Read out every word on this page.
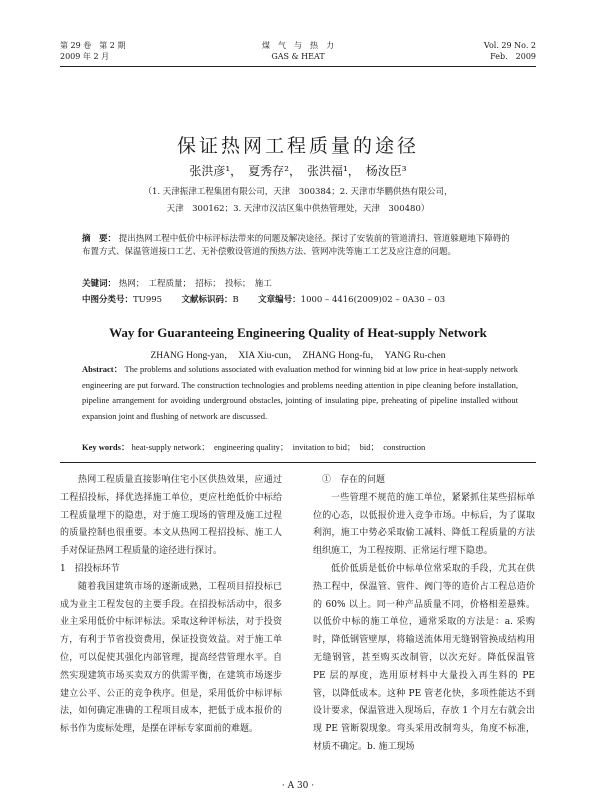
第 29 卷　第 2 期
2009 年 2 月
煤　气　与　热　力
GAS & HEAT
Vol. 29 No. 2
Feb.　2009
保证热网工程质量的途径
张洪彦¹，　夏秀存²，　张洪福¹，　杨汝臣³
（1. 天津振津工程集团有限公司，天津　300384；2. 天津市华鹏供热有限公司，
天津　300162；3. 天津市汉沽区集中供热管理处，天津　300480）
摘　要： 提出热网工程中低价中标评标法带来的问题及解决途径。探讨了安装前的管道清扫、管道躲避地下障碍的布置方式、保温管道接口工艺、无补偿敷设管道的预热方法、管网冲洗等施工工艺及应注意的问题。
关键词： 热网；　工程质量；　招标；　投标；　施工
中图分类号：TU995 文献标识码：B 文章编号：1000 – 4416(2009)02 – 0A30 – 03
Way for Guaranteeing Engineering Quality of Heat-supply Network
ZHANG Hong-yan，　XIA Xiu-cun，　ZHANG Hong-fu，　YANG Ru-chen
Abstract： The problems and solutions associated with evaluation method for winning bid at low price in heat-supply network engineering are put forward. The construction technologies and problems needing attention in pipe cleaning before installation, pipeline arrangement for avoiding underground obstacles, jointing of insulating pipe, preheating of pipeline installed without expansion joint and flushing of network are discussed.
Key words： heat-supply network；　engineering quality；　invitation to bid；　bid；　construction

热网工程质量直接影响住宅小区供热效果，应通过工程招投标，择优选择施工单位，更应杜绝低价中标给工程质量埋下的隐患，对于施工现场的管理及施工过程的质量控制也很重要。本文从热网工程招投标、施工人手对保证热网工程质量的途径进行探讨。

1　招投标环节

随着我国建筑市场的逐渐成熟，工程项目招投标已成为业主工程发包的主要手段。在招投标活动中，很多业主采用低价中标评标法。采取这种评标法，对于投资方，有利于节省投资费用，保证投资效益。对于施工单位，可以促使其强化内部管理，提高经营管理水平。自然实现建筑市场买卖双方的供需平衡，在建筑市场逐步建立公平、公正的竞争秩序。但是，采用低价中标评标法，如何确定准确的工程项目成本，把低于成本报价的标书作为废标处理，是摆在评标专家面前的难题。

①　存在的问题

一些管理不规范的施工单位，紧紧抓住某些招标单位的心态，以低报价进入竞争市场。中标后，为了谋取利润，施工中势必采取偷工减料、降低工程质量的方法组织施工，为工程按期、正常运行埋下隐患。

低价低质是低价中标单位常采取的手段，尤其在供热工程中，保温管、管件、阀门等的造价占工程总造价的 60% 以上。同一种产品质量不同，价格相差悬殊。以低价中标的施工单位，通常采取的方法是：a. 采购时，降低钢管壁厚，将输送流体用无缝钢管换成结构用无缝钢管，甚至购买改制管，以次充好。降低保温管 PE 层的厚度，选用原材料中大量投入再生料的 PE 管，以降低成本。这种 PE 管老化快，多项性能达不到设计要求，保温管进入现场后，存放 1 个月左右就会出现 PE 管断裂现象。弯头采用改制弯头，角度不标准，材质不确定。b. 施工现场

· A 30 ·
